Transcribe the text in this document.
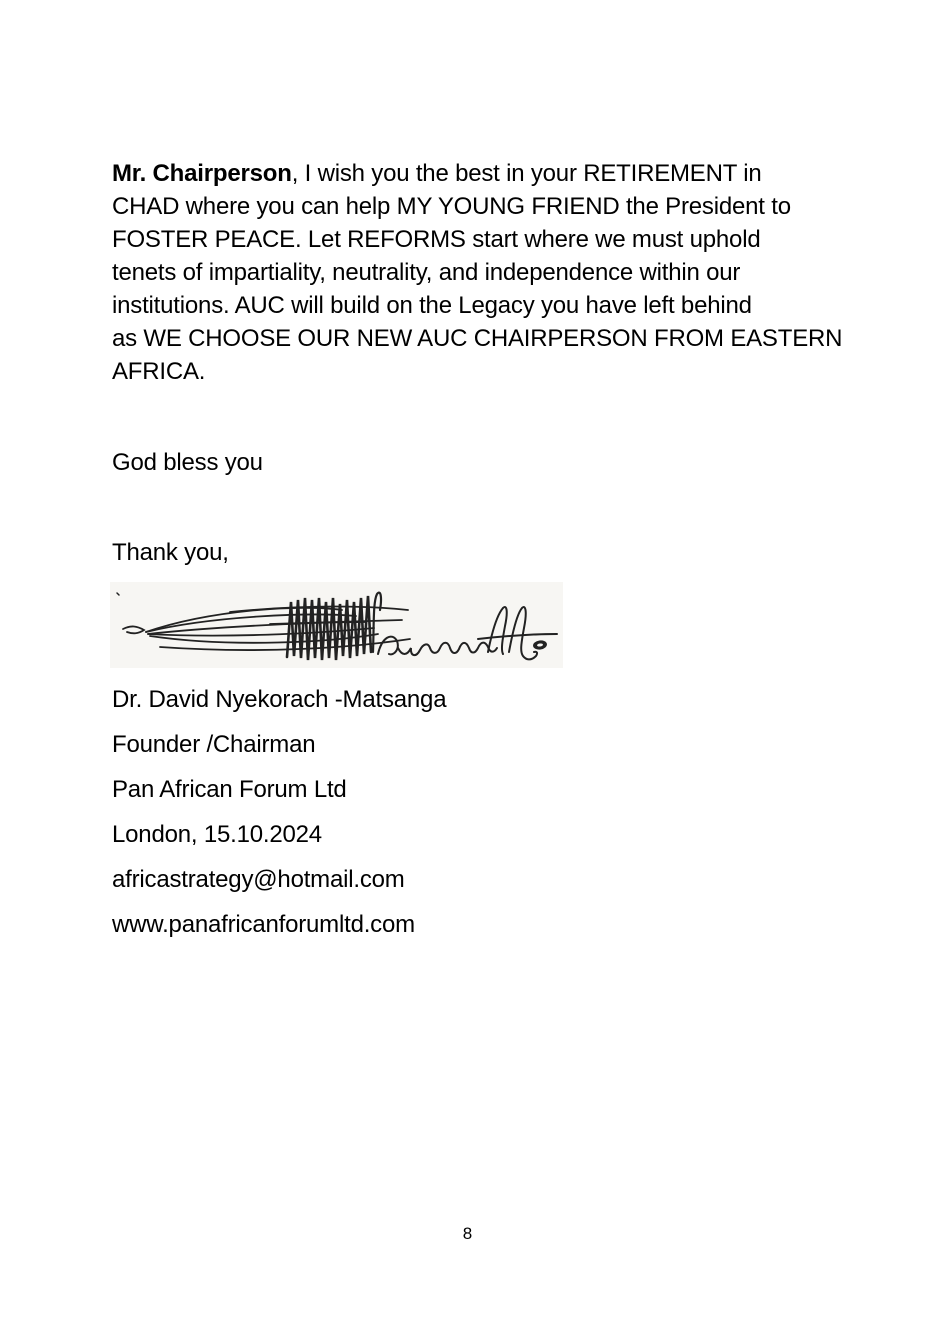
Mr. Chairperson, I wish you the best in your RETIREMENT in
CHAD where you can help MY YOUNG FRIEND the President to
FOSTER PEACE. Let REFORMS start where we must uphold
tenets of impartiality, neutrality, and independence within our
institutions. AUC will build on the Legacy you have left behind
as WE CHOOSE OUR NEW AUC CHAIRPERSON FROM EASTERN
AFRICA.
God bless you
Thank you,
Dr. David Nyekorach -Matsanga
Founder /Chairman
Pan African Forum Ltd
London, 15.10.2024
africastrategy@hotmail.com
www.panafricanforumltd.com
8
